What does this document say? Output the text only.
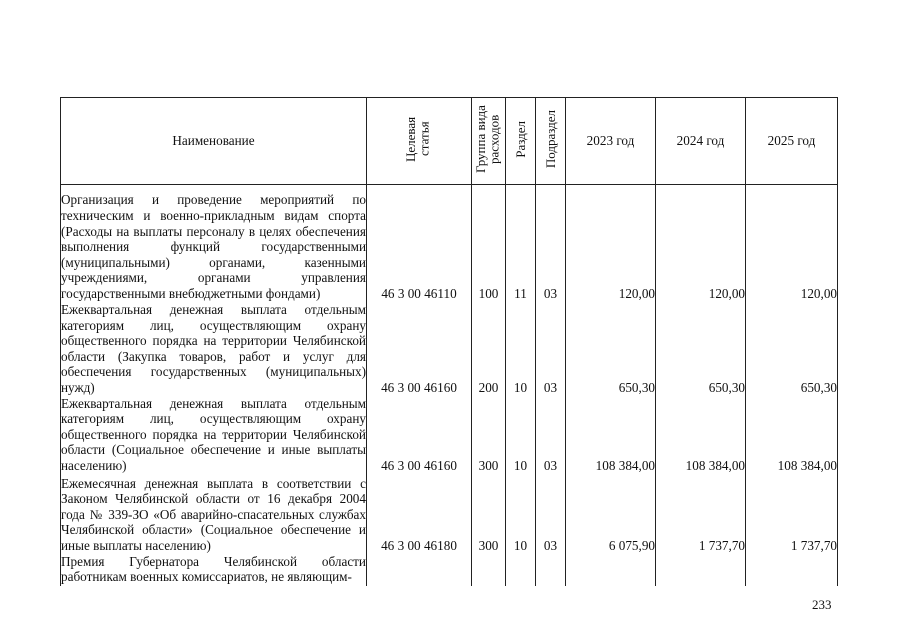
Наименование	Целевая статья	Группа вида расходов	Раздел	Подраздел	2023 год	2024 год	2025 год
Организация и проведение мероприятий по техническим и военно-прикладным видам спорта (Расходы на выплаты персоналу в целях обеспечения выполнения функций государственными (муниципальными) органами, казенными учреждениями, органами управления государственными внебюджетными фондами)	46 3 00 46110	100	11	03	120,00	120,00	120,00
Ежеквартальная денежная выплата отдельным категориям лиц, осуществляющим охрану общественного порядка на территории Челябинской области (Закупка товаров, работ и услуг для обеспечения государственных (муниципальных) нужд)	46 3 00 46160	200	10	03	650,30	650,30	650,30
Ежеквартальная денежная выплата отдельным категориям лиц, осуществляющим охрану общественного порядка на территории Челябинской области (Социальное обеспечение и иные выплаты населению)	46 3 00 46160	300	10	03	108 384,00	108 384,00	108 384,00
Ежемесячная денежная выплата в соответствии с Законом Челябинской области от 16 декабря 2004 года № 339-ЗО «Об аварийно-спасательных службах Челябинской области» (Социальное обеспечение и иные выплаты населению)	46 3 00 46180	300	10	03	6 075,90	1 737,70	1 737,70
Премия Губернатора Челябинской области работникам военных комиссариатов, не являющим-							
233
